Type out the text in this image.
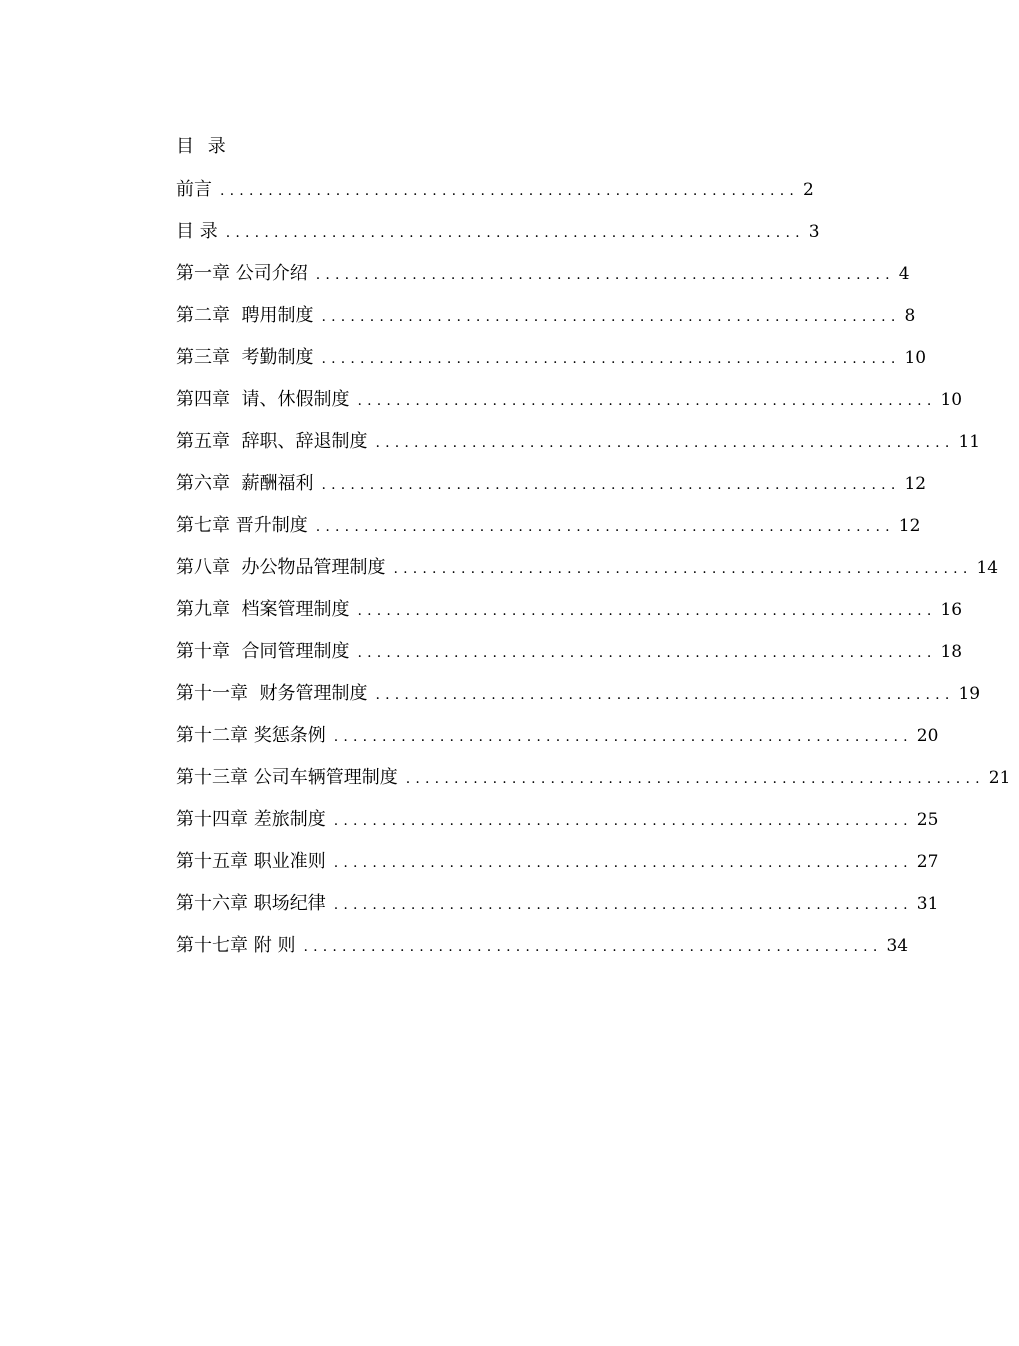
目 录
前言 ............................................................ 2
目 录 ............................................................ 3
第一章 公司介绍 ............................................................ 4
第二章  聘用制度 ............................................................ 8
第三章  考勤制度 ............................................................ 10
第四章  请、休假制度 ............................................................ 10
第五章  辞职、辞退制度 ............................................................ 11
第六章  薪酬福利 ............................................................ 12
第七章 晋升制度 ............................................................ 12
第八章  办公物品管理制度 ............................................................ 14
第九章  档案管理制度 ............................................................ 16
第十章  合同管理制度 ............................................................ 18
第十一章  财务管理制度 ............................................................ 19
第十二章 奖惩条例 ............................................................ 20
第十三章 公司车辆管理制度 ............................................................ 21
第十四章 差旅制度 ............................................................ 25
第十五章 职业准则 ............................................................ 27
第十六章 职场纪律 ............................................................ 31
第十七章 附 则 ............................................................ 34
